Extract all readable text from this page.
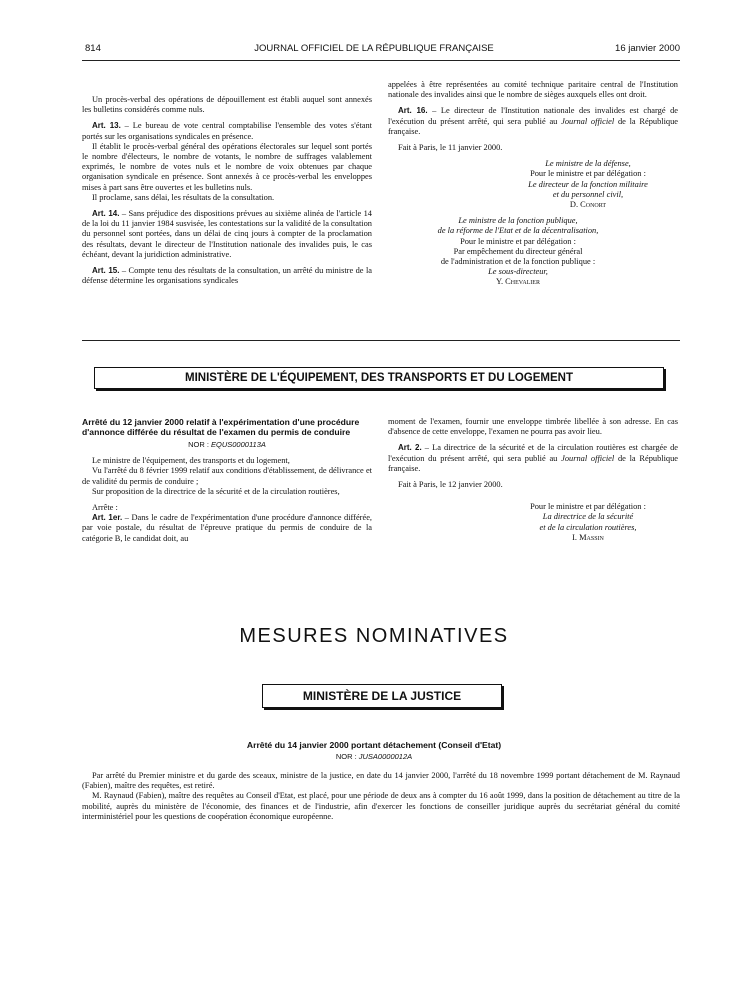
814	JOURNAL OFFICIEL DE LA RÉPUBLIQUE FRANÇAISE	16 janvier 2000

Un procès-verbal des opérations de dépouillement est établi auquel sont annexés les bulletins considérés comme nuls.

Art. 13. – Le bureau de vote central comptabilise l'ensemble des votes s'étant portés sur les organisations syndicales en présence.

Il établit le procès-verbal général des opérations électorales sur lequel sont portés le nombre d'électeurs, le nombre de votants, le nombre de suffrages valablement exprimés, le nombre de votes nuls et le nombre de voix obtenues par chaque organisation syndicale en présence. Sont annexés à ce procès-verbal les enveloppes mises à part sans être ouvertes et les bulletins nuls.

Il proclame, sans délai, les résultats de la consultation.

Art. 14. – Sans préjudice des dispositions prévues au sixième alinéa de l'article 14 de la loi du 11 janvier 1984 susvisée, les contestations sur la validité de la consultation du personnel sont portées, dans un délai de cinq jours à compter de la proclamation des résultats, devant le directeur de l'Institution nationale des invalides puis, le cas échéant, devant la juridiction administrative.

Art. 15. – Compte tenu des résultats de la consultation, un arrêté du ministre de la défense détermine les organisations syndicales

appelées à être représentées au comité technique paritaire central de l'Institution nationale des invalides ainsi que le nombre de sièges auxquels elles ont droit.

Art. 16. – Le directeur de l'Institution nationale des invalides est chargé de l'exécution du présent arrêté, qui sera publié au Journal officiel de la République française.

Fait à Paris, le 11 janvier 2000.

Le ministre de la défense,
Pour le ministre et par délégation :
Le directeur de la fonction militaire
et du personnel civil,
D. Conort
Le ministre de la fonction publique,
de la réforme de l'Etat et de la décentralisation,
Pour le ministre et par délégation :
Par empêchement du directeur général
de l'administration et de la fonction publique :
Le sous-directeur,
Y. Chevalier
MINISTÈRE DE L'ÉQUIPEMENT, DES TRANSPORTS ET DU LOGEMENT
Arrêté du 12 janvier 2000 relatif à l'expérimentation d'une procédure d'annonce différée du résultat de l'examen du permis de conduire
NOR : EQUS0000113A

Le ministre de l'équipement, des transports et du logement,

Vu l'arrêté du 8 février 1999 relatif aux conditions d'établissement, de délivrance et de validité du permis de conduire ;

Sur proposition de la directrice de la sécurité et de la circulation routières,

Arrête :

Art. 1er. – Dans le cadre de l'expérimentation d'une procédure d'annonce différée, par voie postale, du résultat de l'épreuve pratique du permis de conduire de la catégorie B, le candidat doit, au

moment de l'examen, fournir une enveloppe timbrée libellée à son adresse. En cas d'absence de cette enveloppe, l'examen ne pourra pas avoir lieu.

Art. 2. – La directrice de la sécurité et de la circulation routières est chargée de l'exécution du présent arrêté, qui sera publié au Journal officiel de la République française.

Fait à Paris, le 12 janvier 2000.

Pour le ministre et par délégation :
La directrice de la sécurité
et de la circulation routières,
I. Massin
MESURES NOMINATIVES
MINISTÈRE DE LA JUSTICE
Arrêté du 14 janvier 2000 portant détachement (Conseil d'Etat)
NOR : JUSA0000012A

Par arrêté du Premier ministre et du garde des sceaux, ministre de la justice, en date du 14 janvier 2000, l'arrêté du 18 novembre 1999 portant détachement de M. Raynaud (Fabien), maître des requêtes, est retiré.

M. Raynaud (Fabien), maître des requêtes au Conseil d'Etat, est placé, pour une période de deux ans à compter du 16 août 1999, dans la position de détachement au titre de la mobilité, auprès du ministère de l'économie, des finances et de l'industrie, afin d'exercer les fonctions de conseiller juridique auprès du secrétariat général du comité interministériel pour les questions de coopération économique européenne.
